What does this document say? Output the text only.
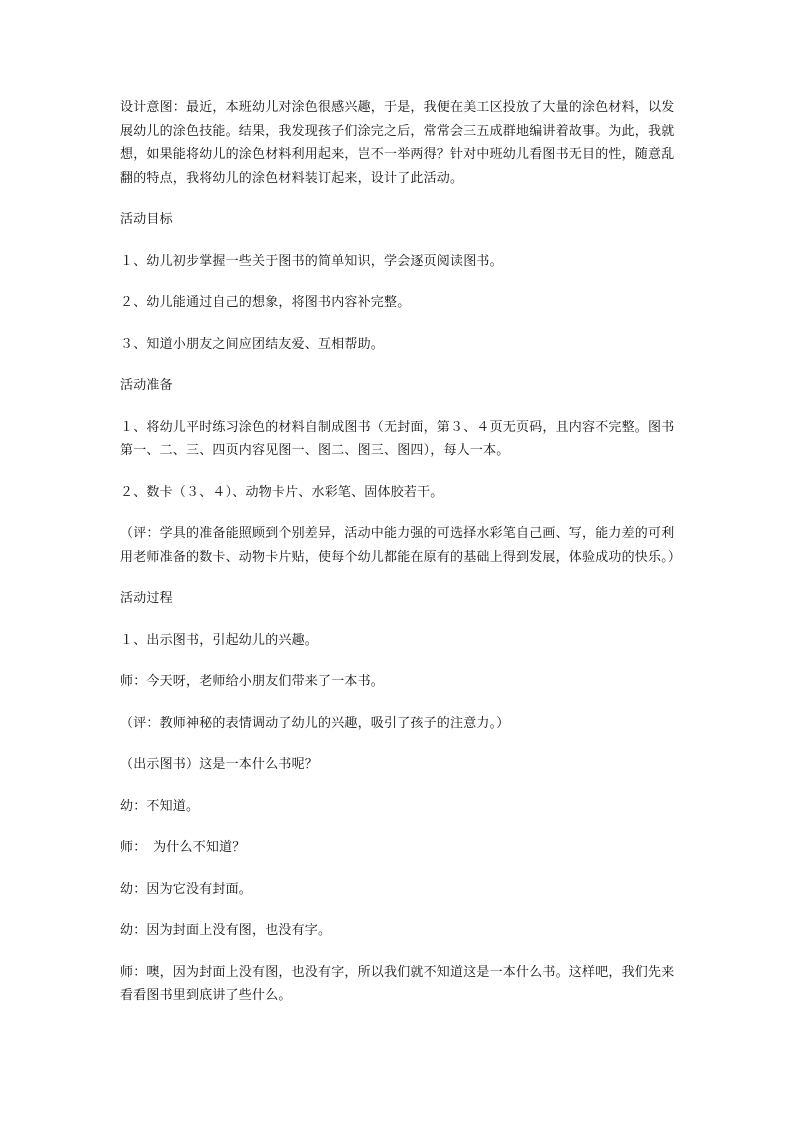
设计意图：最近，本班幼儿对涂色很感兴趣，于是，我便在美工区投放了大量的涂色材料，以发展幼儿的涂色技能。结果，我发现孩子们涂完之后，常常会三五成群地编讲着故事。为此，我就想，如果能将幼儿的涂色材料利用起来，岂不一举两得？针对中班幼儿看图书无目的性，随意乱翻的特点，我将幼儿的涂色材料装订起来，设计了此活动。

活动目标

１、幼儿初步掌握一些关于图书的简单知识，学会逐页阅读图书。

２、幼儿能通过自己的想象，将图书内容补完整。

３、知道小朋友之间应团结友爱、互相帮助。

活动准备

１、将幼儿平时练习涂色的材料自制成图书（无封面，第３、４页无页码，且内容不完整。图书第一、二、三、四页内容见图一、图二、图三、图四），每人一本。

２、数卡（３、４）、动物卡片、水彩笔、固体胶若干。

（评：学具的准备能照顾到个别差异，活动中能力强的可选择水彩笔自己画、写，能力差的可利用老师准备的数卡、动物卡片贴，使每个幼儿都能在原有的基础上得到发展，体验成功的快乐。）

活动过程

１、出示图书，引起幼儿的兴趣。

师：今天呀，老师给小朋友们带来了一本书。

（评：教师神秘的表情调动了幼儿的兴趣，吸引了孩子的注意力。）

（出示图书）这是一本什么书呢？

幼：不知道。

师：　为什么不知道？

幼：因为它没有封面。

幼：因为封面上没有图，也没有字。

师：噢，因为封面上没有图，也没有字，所以我们就不知道这是一本什么书。这样吧，我们先来看看图书里到底讲了些什么。
